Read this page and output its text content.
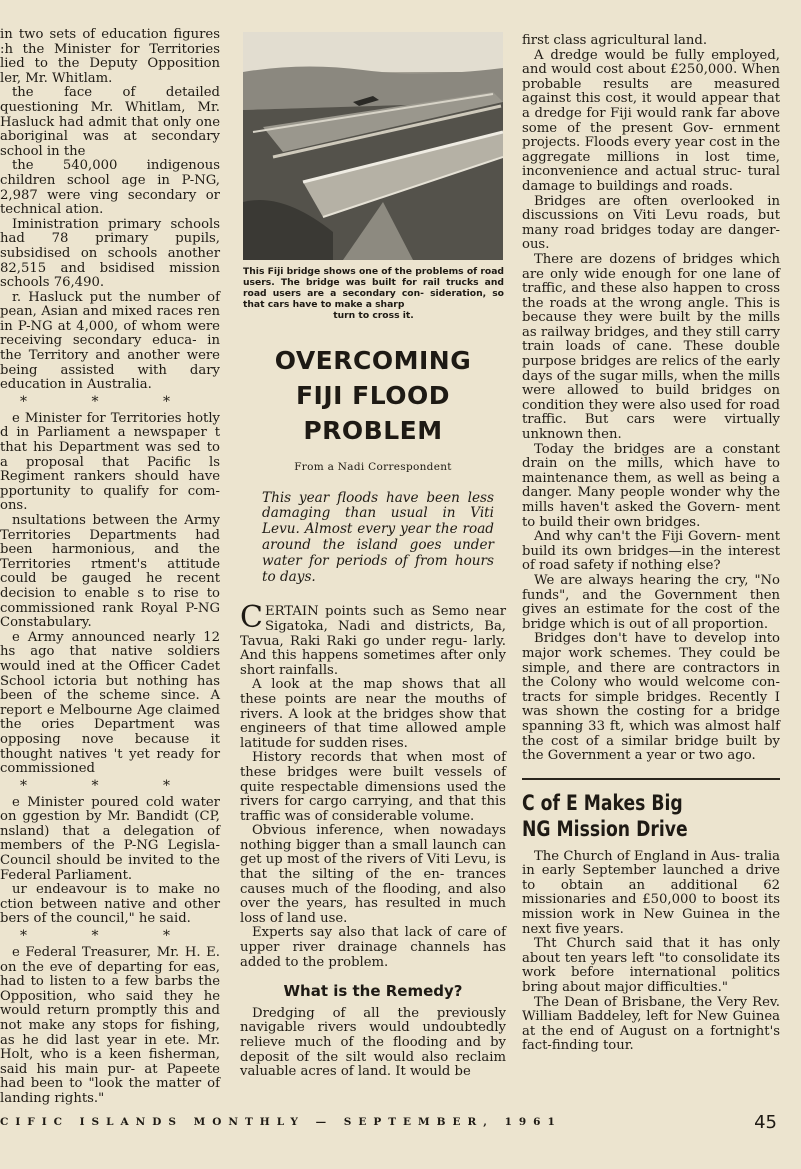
in two sets of education figures :h the Minister for Territories lied to the Deputy Opposition ler, Mr. Whitlam.

the face of detailed questioning Mr. Whitlam, Mr. Hasluck had admit that only one aboriginal was at secondary school in the

the 540,000 indigenous children school age in P-NG, 2,987 were ving secondary or technical ation.

Iministration primary schools had 78 primary pupils, subsidised on schools another 82,515 and bsidised mission schools 76,490.

r. Hasluck put the number of pean, Asian and mixed races ren in P-NG at 4,000, of whom were receiving secondary educa- in the Territory and another were being assisted with dary education in Australia.

* * *

e Minister for Territories hotly d in Parliament a newspaper t that his Department was sed to a proposal that Pacific ls Regiment rankers should have pportunity to qualify for com- ons.

nsultations between the Army Territories Departments had been harmonious, and the Territories rtment's attitude could be gauged he recent decision to enable s to rise to commissioned rank Royal P-NG Constabulary.

e Army announced nearly 12 hs ago that native soldiers would ined at the Officer Cadet School ictoria but nothing has been of the scheme since. A report e Melbourne Age claimed the ories Department was opposing nove because it thought natives 't yet ready for commissioned

* * *

e Minister poured cold water on ggestion by Mr. Bandidt (CP, nsland) that a delegation of members of the P-NG Legisla- Council should be invited to the Federal Parliament.

ur endeavour is to make no ction between native and other bers of the council," he said.

* * *

e Federal Treasurer, Mr. H. E. on the eve of departing for eas, had to listen to a few barbs the Opposition, who said they he would return promptly this and not make any stops for fishing, as he did last year in ete. Mr. Holt, who is a keen fisherman, said his main pur- at Papeete had been to "look the matter of landing rights."

This Fiji bridge shows one of the problems of road users. The bridge was built for rail trucks and road users are a secondary con- sideration, so that cars have to make a sharp
turn to cross it.
OVERCOMING
FIJI FLOOD
PROBLEM
From a Nadi Correspondent
This year floods have been less damaging than usual in Viti Levu. Almost every year the road around the island goes under water for periods of from hours to days.

C ERTAIN points such as Semo near Sigatoka, Nadi and districts, Ba, Tavua, Raki Raki go under regu- larly. And this happens sometimes after only short rainfalls.

A look at the map shows that all these points are near the mouths of rivers. A look at the bridges show that engineers of that time allowed ample latitude for sudden rises.

History records that when most of these bridges were built vessels of quite respectable dimensions used the rivers for cargo carrying, and that this traffic was of considerable volume.

Obvious inference, when nowadays nothing bigger than a small launch can get up most of the rivers of Viti Levu, is that the silting of the en- trances causes much of the flooding, and also over the years, has resulted in much loss of land use.

Experts say also that lack of care of upper river drainage channels has added to the problem.

What is the Remedy?

Dredging of all the previously navigable rivers would undoubtedly relieve much of the flooding and by deposit of the silt would also reclaim valuable acres of land. It would be

first class agricultural land.

A dredge would be fully employed, and would cost about £250,000. When probable results are measured against this cost, it would appear that a dredge for Fiji would rank far above some of the present Gov- ernment projects. Floods every year cost in the aggregate millions in lost time, inconvenience and actual struc- tural damage to buildings and roads.

Bridges are often overlooked in discussions on Viti Levu roads, but many road bridges today are danger- ous.

There are dozens of bridges which are only wide enough for one lane of traffic, and these also happen to cross the roads at the wrong angle. This is because they were built by the mills as railway bridges, and they still carry train loads of cane. These double purpose bridges are relics of the early days of the sugar mills, when the mills were allowed to build bridges on condition they were also used for road traffic. But cars were virtually unknown then.

Today the bridges are a constant drain on the mills, which have to maintenance them, as well as being a danger. Many people wonder why the mills haven't asked the Govern- ment to build their own bridges.

And why can't the Fiji Govern- ment build its own bridges—in the interest of road safety if nothing else?

We are always hearing the cry, "No funds", and the Government then gives an estimate for the cost of the bridge which is out of all proportion.

Bridges don't have to develop into major work schemes. They could be simple, and there are contractors in the Colony who would welcome con- tracts for simple bridges. Recently I was shown the costing for a bridge spanning 33 ft, which was almost half the cost of a similar bridge built by the Government a year or two ago.

C of E Makes Big
NG Mission Drive

The Church of England in Aus- tralia in early September launched a drive to obtain an additional 62 missionaries and £50,000 to boost its mission work in New Guinea in the next five years.

Tht Church said that it has only about ten years left "to consolidate its work before international politics bring about major difficulties."

The Dean of Brisbane, the Very Rev. William Baddeley, left for New Guinea at the end of August on a fortnight's fact-finding tour.

CIFIC ISLANDS MONTHLY — SEPTEMBER, 1961	45
